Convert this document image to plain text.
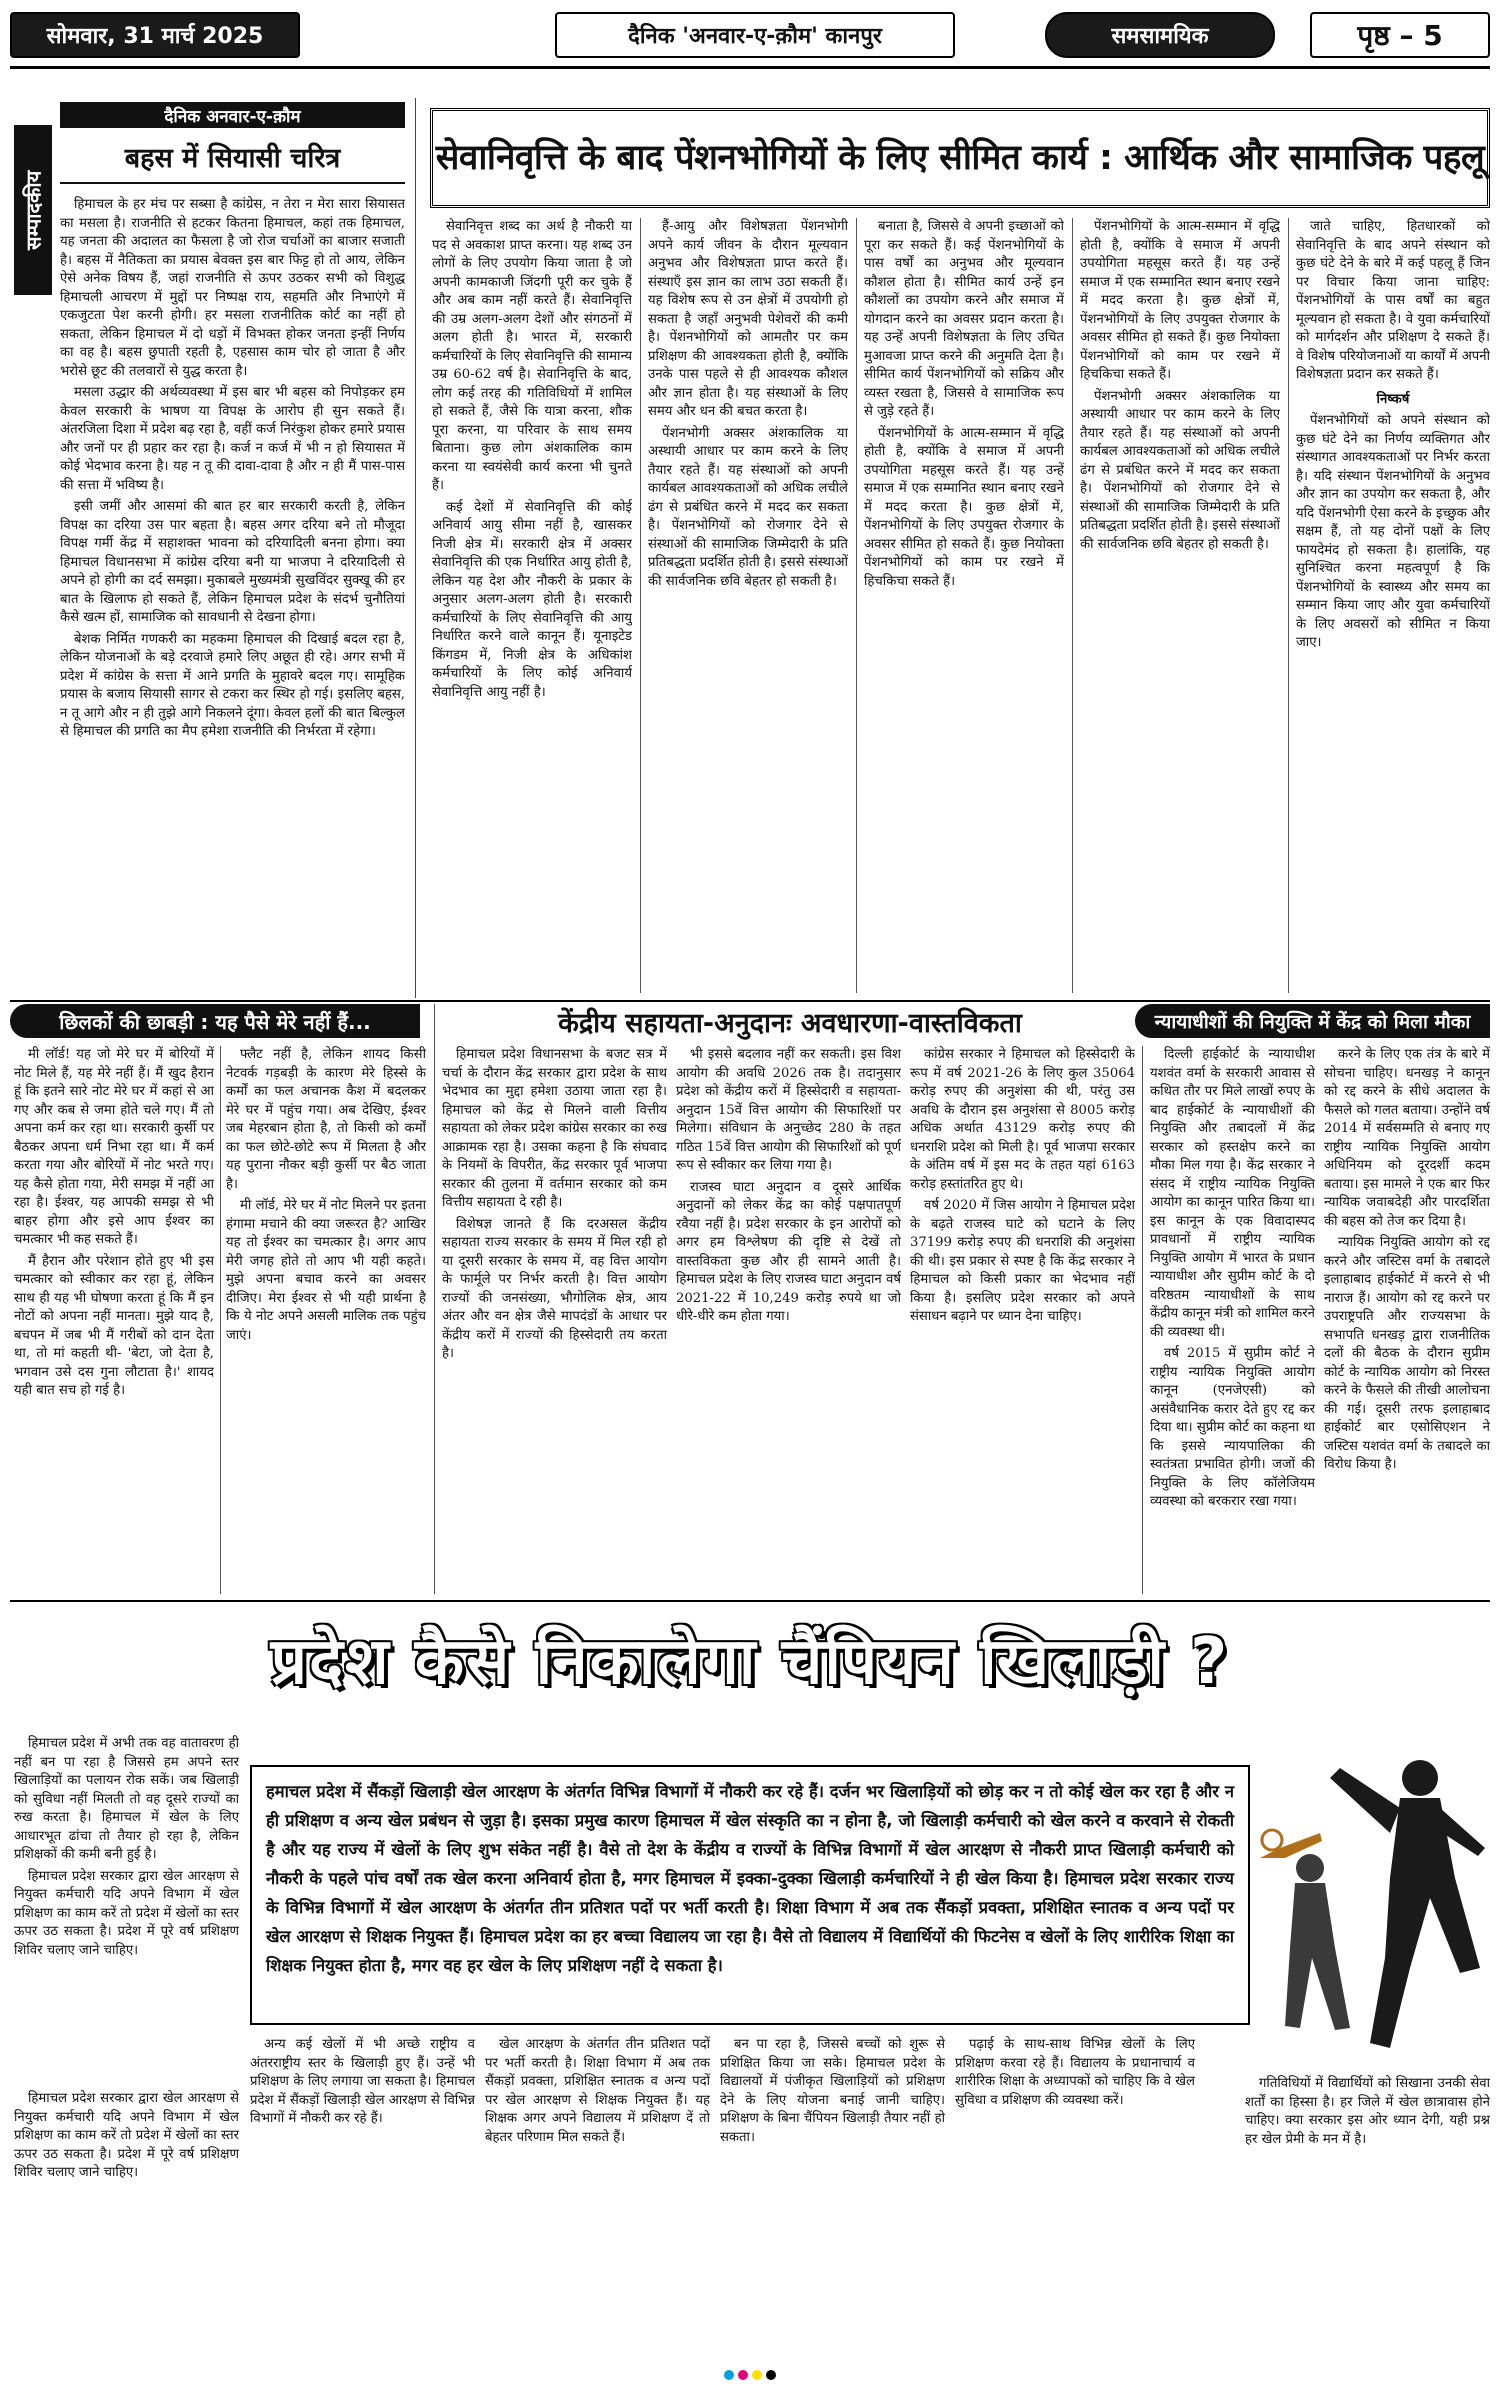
सोमवार, 31 मार्च 2025	दैनिक 'अनवार-ए-क़ौम' कानपुर	समसामयिक	पृष्ठ – 5
सम्पादकीय
दैनिक अनवार-ए-क़ौम
बहस में सियासी चरित्र

हिमाचल के हर मंच पर सब्सा है कांग्रेस, न तेरा न मेरा सारा सियासत का मसला है। राजनीति से हटकर कितना हिमाचल, कहां तक हिमाचल, यह जनता की अदालत का फैसला है जो रोज चर्चाओं का बाजार सजाती है। बहस में नैतिकता का प्रयास बेवक्त इस बार फिट्ट हो तो आय, लेकिन ऐसे अनेक विषय हैं, जहां राजनीति से ऊपर उठकर सभी को विशुद्ध हिमाचली आचरण में मुद्दों पर निष्पक्ष राय, सहमति और निभाएंगे में एकजुटता पेश करनी होगी। हर मसला राजनीतिक कोर्ट का नहीं हो सकता, लेकिन हिमाचल में दो धड़ों में विभक्त होकर जनता इन्हीं निर्णय का वह है। बहस छुपाती रहती है, एहसास काम चोर हो जाता है और भरोसे छूट की तलवारों से युद्ध करता है।

मसला उद्धार की अर्थव्यवस्था में इस बार भी बहस को निपोड़कर हम केवल सरकारी के भाषण या विपक्ष के आरोप ही सुन सकते हैं। अंतरजिला दिशा में प्रदेश बढ़ रहा है, वहीं कर्ज निरंकुश होकर हमारे प्रयास और जनों पर ही प्रहार कर रहा है। कर्ज न कर्ज में भी न हो सियासत में कोई भेदभाव करना है। यह न तू की दावा-दावा है और न ही मैं पास-पास की सत्ता में भविष्य है।

इसी जमीं और आसमां की बात हर बार सरकारी करती है, लेकिन विपक्ष का दरिया उस पार बहता है। बहस अगर दरिया बने तो मौजूदा विपक्ष गर्मी केंद्र में सहाशक्त भावना को दरियादिली बनना होगा। क्या हिमाचल विधानसभा में कांग्रेस दरिया बनी या भाजपा ने दरियादिली से अपने हो होगी का दर्द समझा। मुकाबले मुख्यमंत्री सुखविंदर सुक्खू की हर बात के खिलाफ हो सकते हैं, लेकिन हिमाचल प्रदेश के संदर्भ चुनौतियां कैसे खत्म हों, सामाजिक को सावधानी से देखना होगा।

बेशक निर्मित गणकरी का महकमा हिमाचल की दिखाई बदल रहा है, लेकिन योजनाओं के बड़े दरवाजे हमारे लिए अछूत ही रहे। अगर सभी में प्रदेश में कांग्रेस के सत्ता में आने प्रगति के मुहावरे बदल गए। सामूहिक प्रयास के बजाय सियासी सागर से टकरा कर स्थिर हो गई। इसलिए बहस, न तू आगे और न ही तुझे आगे निकलने दूंगा। केवल हलों की बात बिल्कुल से हिमाचल की प्रगति का मैप हमेशा राजनीति की निर्भरता में रहेगा।

सेवानिवृत्ति के बाद पेंशनभोगियों के लिए सीमित कार्य : आर्थिक और सामाजिक पहलू

सेवानिवृत्त शब्द का अर्थ है नौकरी या पद से अवकाश प्राप्त करना। यह शब्द उन लोगों के लिए उपयोग किया जाता है जो अपनी कामकाजी जिंदगी पूरी कर चुके हैं और अब काम नहीं करते हैं। सेवानिवृत्ति की उम्र अलग-अलग देशों और संगठनों में अलग होती है। भारत में, सरकारी कर्मचारियों के लिए सेवानिवृत्ति की सामान्य उम्र 60-62 वर्ष है। सेवानिवृत्ति के बाद, लोग कई तरह की गतिविधियों में शामिल हो सकते हैं, जैसे कि यात्रा करना, शौक पूरा करना, या परिवार के साथ समय बिताना। कुछ लोग अंशकालिक काम करना या स्वयंसेवी कार्य करना भी चुनते हैं।

कई देशों में सेवानिवृत्ति की कोई अनिवार्य आयु सीमा नहीं है, खासकर निजी क्षेत्र में। सरकारी क्षेत्र में अक्सर सेवानिवृत्ति की एक निर्धारित आयु होती है, लेकिन यह देश और नौकरी के प्रकार के अनुसार अलग-अलग होती है। सरकारी कर्मचारियों के लिए सेवानिवृत्ति की आयु निर्धारित करने वाले कानून हैं। यूनाइटेड किंगडम में, निजी क्षेत्र के अधिकांश कर्मचारियों के लिए कोई अनिवार्य सेवानिवृत्ति आयु नहीं है।

हैं-आयु और विशेषज्ञता पेंशनभोगी अपने कार्य जीवन के दौरान मूल्यवान अनुभव और विशेषज्ञता प्राप्त करते हैं। संस्थाएँ इस ज्ञान का लाभ उठा सकती हैं। यह विशेष रूप से उन क्षेत्रों में उपयोगी हो सकता है जहाँ अनुभवी पेशेवरों की कमी है। पेंशनभोगियों को आमतौर पर कम प्रशिक्षण की आवश्यकता होती है, क्योंकि उनके पास पहले से ही आवश्यक कौशल और ज्ञान होता है। यह संस्थाओं के लिए समय और धन की बचत करता है।

पेंशनभोगी अक्सर अंशकालिक या अस्थायी आधार पर काम करने के लिए तैयार रहते हैं। यह संस्थाओं को अपनी कार्यबल आवश्यकताओं को अधिक लचीले ढंग से प्रबंधित करने में मदद कर सकता है। पेंशनभोगियों को रोजगार देने से संस्थाओं की सामाजिक जिम्मेदारी के प्रति प्रतिबद्धता प्रदर्शित होती है। इससे संस्थाओं की सार्वजनिक छवि बेहतर हो सकती है।

बनाता है, जिससे वे अपनी इच्छाओं को पूरा कर सकते हैं। कई पेंशनभोगियों के पास वर्षों का अनुभव और मूल्यवान कौशल होता है। सीमित कार्य उन्हें इन कौशलों का उपयोग करने और समाज में योगदान करने का अवसर प्रदान करता है। यह उन्हें अपनी विशेषज्ञता के लिए उचित मुआवजा प्राप्त करने की अनुमति देता है। सीमित कार्य पेंशनभोगियों को सक्रिय और व्यस्त रखता है, जिससे वे सामाजिक रूप से जुड़े रहते हैं।

पेंशनभोगियों के आत्म-सम्मान में वृद्धि होती है, क्योंकि वे समाज में अपनी उपयोगिता महसूस करते हैं। यह उन्हें समाज में एक सम्मानित स्थान बनाए रखने में मदद करता है। कुछ क्षेत्रों में, पेंशनभोगियों के लिए उपयुक्त रोजगार के अवसर सीमित हो सकते हैं। कुछ नियोक्ता पेंशनभोगियों को काम पर रखने में हिचकिचा सकते हैं।

पेंशनभोगियों के आत्म-सम्मान में वृद्धि होती है, क्योंकि वे समाज में अपनी उपयोगिता महसूस करते हैं। यह उन्हें समाज में एक सम्मानित स्थान बनाए रखने में मदद करता है। कुछ क्षेत्रों में, पेंशनभोगियों के लिए उपयुक्त रोजगार के अवसर सीमित हो सकते हैं। कुछ नियोक्ता पेंशनभोगियों को काम पर रखने में हिचकिचा सकते हैं।

पेंशनभोगी अक्सर अंशकालिक या अस्थायी आधार पर काम करने के लिए तैयार रहते हैं। यह संस्थाओं को अपनी कार्यबल आवश्यकताओं को अधिक लचीले ढंग से प्रबंधित करने में मदद कर सकता है। पेंशनभोगियों को रोजगार देने से संस्थाओं की सामाजिक जिम्मेदारी के प्रति प्रतिबद्धता प्रदर्शित होती है। इससे संस्थाओं की सार्वजनिक छवि बेहतर हो सकती है।

जाते चाहिए, हितधारकों को सेवानिवृत्ति के बाद अपने संस्थान को कुछ घंटे देने के बारे में कई पहलू हैं जिन पर विचार किया जाना चाहिए: पेंशनभोगियों के पास वर्षों का बहुत मूल्यवान हो सकता है। वे युवा कर्मचारियों को मार्गदर्शन और प्रशिक्षण दे सकते हैं। वे विशेष परियोजनाओं या कार्यों में अपनी विशेषज्ञता प्रदान कर सकते हैं।

निष्कर्ष

पेंशनभोगियों को अपने संस्थान को कुछ घंटे देने का निर्णय व्यक्तिगत और संस्थागत आवश्यकताओं पर निर्भर करता है। यदि संस्थान पेंशनभोगियों के अनुभव और ज्ञान का उपयोग कर सकता है, और यदि पेंशनभोगी ऐसा करने के इच्छुक और सक्षम हैं, तो यह दोनों पक्षों के लिए फायदेमंद हो सकता है। हालांकि, यह सुनिश्चित करना महत्वपूर्ण है कि पेंशनभोगियों के स्वास्थ्य और समय का सम्मान किया जाए और युवा कर्मचारियों के लिए अवसरों को सीमित न किया जाए।

छिलकों की छाबड़ी : यह पैसे मेरे नहीं हैं...	केंद्रीय सहायता-अनुदानः अवधारणा-वास्तविकता	न्यायाधीशों की नियुक्ति में केंद्र को मिला मौका

मी लॉर्ड! यह जो मेरे घर में बोरियों में नोट मिले हैं, यह मेरे नहीं हैं। मैं खुद हैरान हूं कि इतने सारे नोट मेरे घर में कहां से आ गए और कब से जमा होते चले गए। मैं तो अपना कर्म कर रहा था। सरकारी कुर्सी पर बैठकर अपना धर्म निभा रहा था। मैं कर्म करता गया और बोरियों में नोट भरते गए। यह कैसे होता गया, मेरी समझ में नहीं आ रहा है। ईश्वर, यह आपकी समझ से भी बाहर होगा और इसे आप ईश्वर का चमत्कार भी कह सकते हैं।

मैं हैरान और परेशान होते हुए भी इस चमत्कार को स्वीकार कर रहा हूं, लेकिन साथ ही यह भी घोषणा करता हूं कि मैं इन नोटों को अपना नहीं मानता। मुझे याद है, बचपन में जब भी मैं गरीबों को दान देता था, तो मां कहती थी- 'बेटा, जो देता है, भगवान उसे दस गुना लौटाता है।' शायद यही बात सच हो गई है।

फ्लैट नहीं है, लेकिन शायद किसी नेटवर्क गड़बड़ी के कारण मेरे हिस्से के कर्मों का फल अचानक कैश में बदलकर मेरे घर में पहुंच गया। अब देखिए, ईश्वर जब मेहरबान होता है, तो किसी को कर्मों का फल छोटे-छोटे रूप में मिलता है और यह पुराना नौकर बड़ी कुर्सी पर बैठ जाता है।

मी लॉर्ड, मेरे घर में नोट मिलने पर इतना हंगामा मचाने की क्या जरूरत है? आखिर यह तो ईश्वर का चमत्कार है। अगर आप मेरी जगह होते तो आप भी यही कहते। मुझे अपना बचाव करने का अवसर दीजिए। मेरा ईश्वर से भी यही प्रार्थना है कि ये नोट अपने असली मालिक तक पहुंच जाएं।

हिमाचल प्रदेश विधानसभा के बजट सत्र में चर्चा के दौरान केंद्र सरकार द्वारा प्रदेश के साथ भेदभाव का मुद्दा हमेशा उठाया जाता रहा है। हिमाचल को केंद्र से मिलने वाली वित्तीय सहायता को लेकर प्रदेश कांग्रेस सरकार का रुख आक्रामक रहा है। उसका कहना है कि संघवाद के नियमों के विपरीत, केंद्र सरकार पूर्व भाजपा सरकार की तुलना में वर्तमान सरकार को कम वित्तीय सहायता दे रही है।

विशेषज्ञ जानते हैं कि दरअसल केंद्रीय सहायता राज्य सरकार के समय में मिल रही हो या दूसरी सरकार के समय में, वह वित्त आयोग के फार्मूले पर निर्भर करती है। वित्त आयोग राज्यों की जनसंख्या, भौगोलिक क्षेत्र, आय अंतर और वन क्षेत्र जैसे मापदंडों के आधार पर केंद्रीय करों में राज्यों की हिस्सेदारी तय करता है।

भी इससे बदलाव नहीं कर सकती। इस विश आयोग की अवधि 2026 तक है। तदानुसार प्रदेश को केंद्रीय करों में हिस्सेदारी व सहायता-अनुदान 15वें वित्त आयोग की सिफारिशों पर मिलेगा। संविधान के अनुच्छेद 280 के तहत गठित 15वें वित्त आयोग की सिफारिशों को पूर्ण रूप से स्वीकार कर लिया गया है।

राजस्व घाटा अनुदान व दूसरे आर्थिक अनुदानों को लेकर केंद्र का कोई पक्षपातपूर्ण रवैया नहीं है। प्रदेश सरकार के इन आरोपों को अगर हम विश्लेषण की दृष्टि से देखें तो वास्तविकता कुछ और ही सामने आती है। हिमाचल प्रदेश के लिए राजस्व घाटा अनुदान वर्ष 2021-22 में 10,249 करोड़ रुपये था जो धीरे-धीरे कम होता गया।

कांग्रेस सरकार ने हिमाचल को हिस्सेदारी के रूप में वर्ष 2021-26 के लिए कुल 35064 करोड़ रुपए की अनुशंसा की थी, परंतु उस अवधि के दौरान इस अनुशंसा से 8005 करोड़ अधिक अर्थात 43129 करोड़ रुपए की धनराशि प्रदेश को मिली है। पूर्व भाजपा सरकार के अंतिम वर्ष में इस मद के तहत यहां 6163 करोड़ हस्तांतरित हुए थे।

वर्ष 2020 में जिस आयोग ने हिमाचल प्रदेश के बढ़ते राजस्व घाटे को घटाने के लिए 37199 करोड़ रुपए की धनराशि की अनुशंसा की थी। इस प्रकार से स्पष्ट है कि केंद्र सरकार ने हिमाचल को किसी प्रकार का भेदभाव नहीं किया है। इसलिए प्रदेश सरकार को अपने संसाधन बढ़ाने पर ध्यान देना चाहिए।

दिल्ली हाईकोर्ट के न्यायाधीश यशवंत वर्मा के सरकारी आवास से कथित तौर पर मिले लाखों रुपए के बाद हाईकोर्ट के न्यायाधीशों की नियुक्ति और तबादलों में केंद्र सरकार को हस्तक्षेप करने का मौका मिल गया है। केंद्र सरकार ने संसद में राष्ट्रीय न्यायिक नियुक्ति आयोग का कानून पारित किया था। इस कानून के एक विवादास्पद प्रावधानों में राष्ट्रीय न्यायिक नियुक्ति आयोग में भारत के प्रधान न्यायाधीश और सुप्रीम कोर्ट के दो वरिष्ठतम न्यायाधीशों के साथ केंद्रीय कानून मंत्री को शामिल करने की व्यवस्था थी।

वर्ष 2015 में सुप्रीम कोर्ट ने राष्ट्रीय न्यायिक नियुक्ति आयोग कानून (एनजेएसी) को असंवैधानिक करार देते हुए रद्द कर दिया था। सुप्रीम कोर्ट का कहना था कि इससे न्यायपालिका की स्वतंत्रता प्रभावित होगी। जजों की नियुक्ति के लिए कॉलेजियम व्यवस्था को बरकरार रखा गया।

करने के लिए एक तंत्र के बारे में सोचना चाहिए। धनखड़ ने कानून को रद्द करने के सीधे अदालत के फैसले को गलत बताया। उन्होंने वर्ष 2014 में सर्वसम्मति से बनाए गए राष्ट्रीय न्यायिक नियुक्ति आयोग अधिनियम को दूरदर्शी कदम बताया। इस मामले ने एक बार फिर न्यायिक जवाबदेही और पारदर्शिता की बहस को तेज कर दिया है।

न्यायिक नियुक्ति आयोग को रद्द करने और जस्टिस वर्मा के तबादले इलाहाबाद हाईकोर्ट में करने से भी नाराज हैं। आयोग को रद्द करने पर उपराष्ट्रपति और राज्यसभा के सभापति धनखड़ द्वारा राजनीतिक दलों की बैठक के दौरान सुप्रीम कोर्ट के न्यायिक आयोग को निरस्त करने के फैसले की तीखी आलोचना की गई। दूसरी तरफ इलाहाबाद हाईकोर्ट बार एसोसिएशन ने जस्टिस यशवंत वर्मा के तबादले का विरोध किया है।

प्रदेश कैसे निकालेगा चैंपियन खिलाड़ी ?

हिमाचल प्रदेश में अभी तक वह वातावरण ही नहीं बन पा रहा है जिससे हम अपने स्तर खिलाड़ियों का पलायन रोक सकें। जब खिलाड़ी को सुविधा नहीं मिलती तो वह दूसरे राज्यों का रुख करता है। हिमाचल में खेल के लिए आधारभूत ढांचा तो तैयार हो रहा है, लेकिन प्रशिक्षकों की कमी बनी हुई है।

हिमाचल प्रदेश सरकार द्वारा खेल आरक्षण से नियुक्त कर्मचारी यदि अपने विभाग में खेल प्रशिक्षण का काम करें तो प्रदेश में खेलों का स्तर ऊपर उठ सकता है। प्रदेश में पूरे वर्ष प्रशिक्षण शिविर चलाए जाने चाहिए।

हमाचल प्रदेश में सैंकड़ों खिलाड़ी खेल आरक्षण के अंतर्गत विभिन्न विभागों में नौकरी कर रहे हैं। दर्जन भर खिलाड़ियों को छोड़ कर न तो कोई खेल कर रहा है और न ही प्रशिक्षण व अन्य खेल प्रबंधन से जुड़ा है। इसका प्रमुख कारण हिमाचल में खेल संस्कृति का न होना है, जो खिलाड़ी कर्मचारी को खेल करने व करवाने से रोकती है और यह राज्य में खेलों के लिए शुभ संकेत नहीं है। वैसे तो देश के केंद्रीय व राज्यों के विभिन्न विभागों में खेल आरक्षण से नौकरी प्राप्त खिलाड़ी कर्मचारी को नौकरी के पहले पांच वर्षों तक खेल करना अनिवार्य होता है, मगर हिमाचल में इक्का-दुक्का खिलाड़ी कर्मचारियों ने ही खेल किया है। हिमाचल प्रदेश सरकार राज्य के विभिन्न विभागों में खेल आरक्षण के अंतर्गत तीन प्रतिशत पदों पर भर्ती करती है। शिक्षा विभाग में अब तक सैंकड़ों प्रवक्ता, प्रशिक्षित स्नातक व अन्य पदों पर खेल आरक्षण से शिक्षक नियुक्त हैं। हिमाचल प्रदेश का हर बच्चा विद्यालय जा रहा है। वैसे तो विद्यालय में विद्यार्थियों की फिटनेस व खेलों के लिए शारीरिक शिक्षा का शिक्षक नियुक्त होता है, मगर वह हर खेल के लिए प्रशिक्षण नहीं दे सकता है।

हिमाचल प्रदेश सरकार द्वारा खेल आरक्षण से नियुक्त कर्मचारी यदि अपने विभाग में खेल प्रशिक्षण का काम करें तो प्रदेश में खेलों का स्तर ऊपर उठ सकता है। प्रदेश में पूरे वर्ष प्रशिक्षण शिविर चलाए जाने चाहिए।

अन्य कई खेलों में भी अच्छे राष्ट्रीय व अंतरराष्ट्रीय स्तर के खिलाड़ी हुए हैं। उन्हें भी प्रशिक्षण के लिए लगाया जा सकता है। हिमाचल प्रदेश में सैंकड़ों खिलाड़ी खेल आरक्षण से विभिन्न विभागों में नौकरी कर रहे हैं।

खेल आरक्षण के अंतर्गत तीन प्रतिशत पदों पर भर्ती करती है। शिक्षा विभाग में अब तक सैंकड़ों प्रवक्ता, प्रशिक्षित स्नातक व अन्य पदों पर खेल आरक्षण से शिक्षक नियुक्त हैं। यह शिक्षक अगर अपने विद्यालय में प्रशिक्षण दें तो बेहतर परिणाम मिल सकते हैं।

बन पा रहा है, जिससे बच्चों को शुरू से प्रशिक्षित किया जा सके। हिमाचल प्रदेश के विद्यालयों में पंजीकृत खिलाड़ियों को प्रशिक्षण देने के लिए योजना बनाई जानी चाहिए। प्रशिक्षण के बिना चैंपियन खिलाड़ी तैयार नहीं हो सकता।

पढ़ाई के साथ-साथ विभिन्न खेलों के लिए प्रशिक्षण करवा रहे हैं। विद्यालय के प्रधानाचार्य व शारीरिक शिक्षा के अध्यापकों को चाहिए कि वे खेल सुविधा व प्रशिक्षण की व्यवस्था करें।

गतिविधियों में विद्यार्थियों को सिखाना उनकी सेवा शर्तों का हिस्सा है। हर जिले में खेल छात्रावास होने चाहिए। क्या सरकार इस ओर ध्यान देगी, यही प्रश्न हर खेल प्रेमी के मन में है।
